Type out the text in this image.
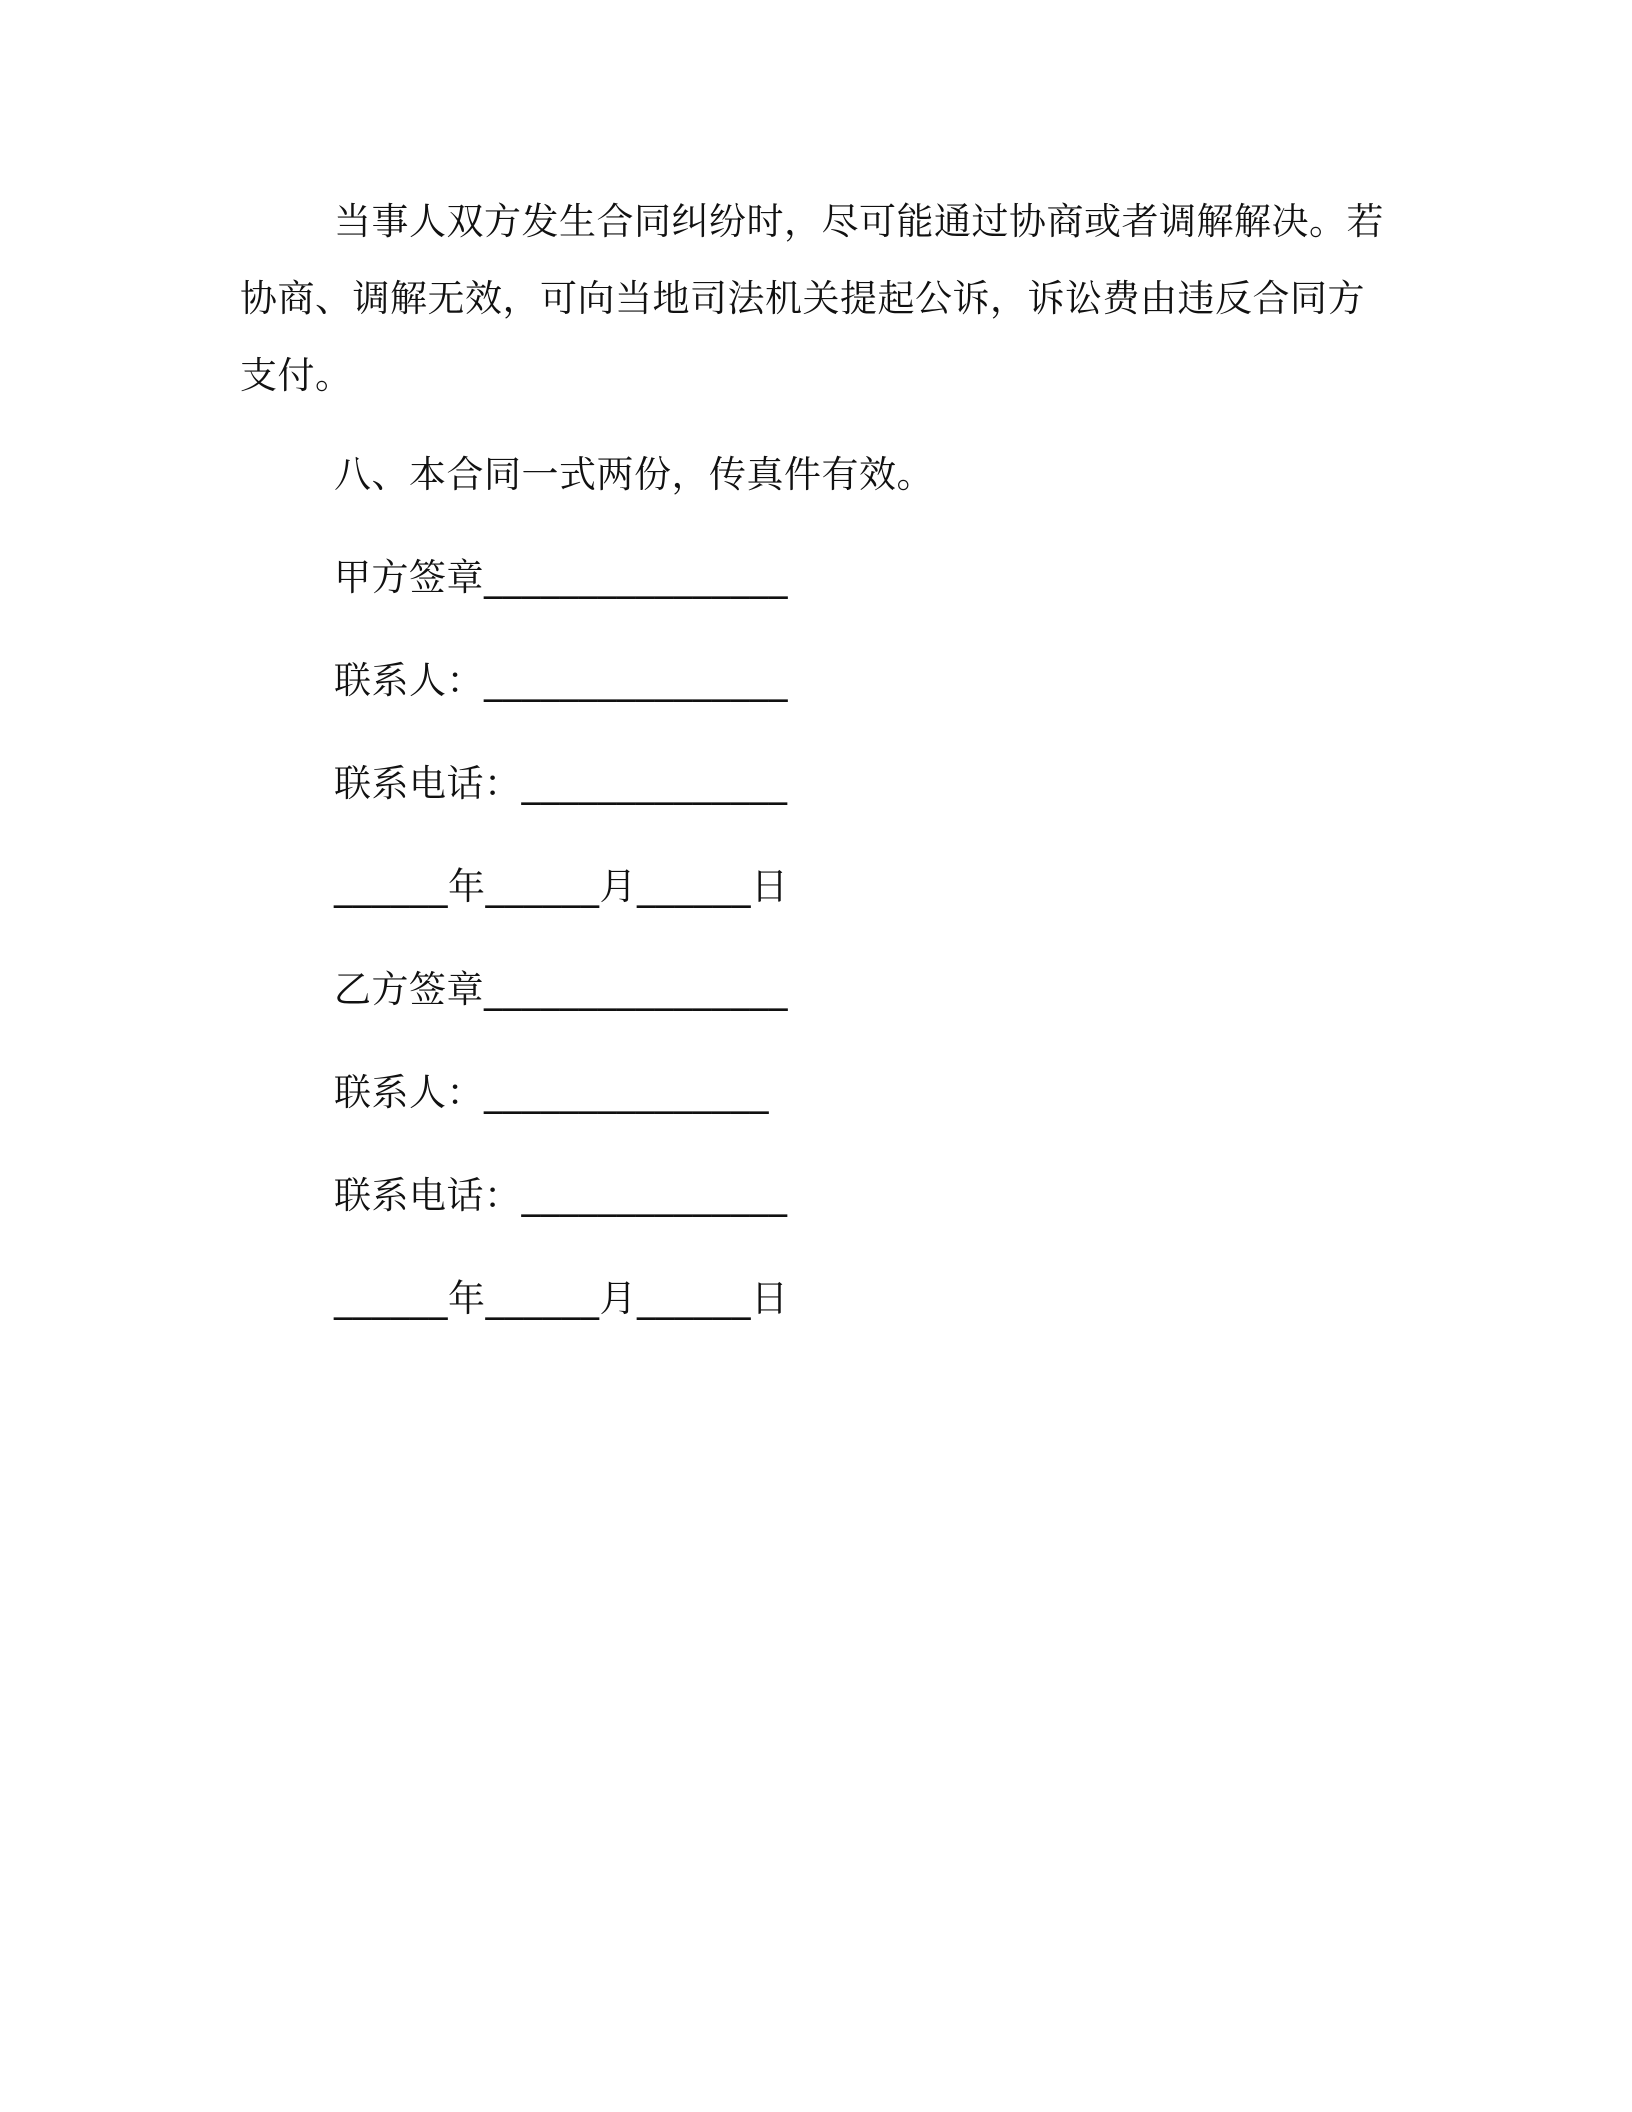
当事人双方发生合同纠纷时，尽可能通过协商或者调解解决。若协商、调解无效，可向当地司法机关提起公诉，诉讼费由违反合同方支付。
八、本合同一式两份，传真件有效。
甲方签章________________
联系人：________________
联系电话：______________
______年______月______日
乙方签章________________
联系人：_______________
联系电话：______________
______年______月______日
